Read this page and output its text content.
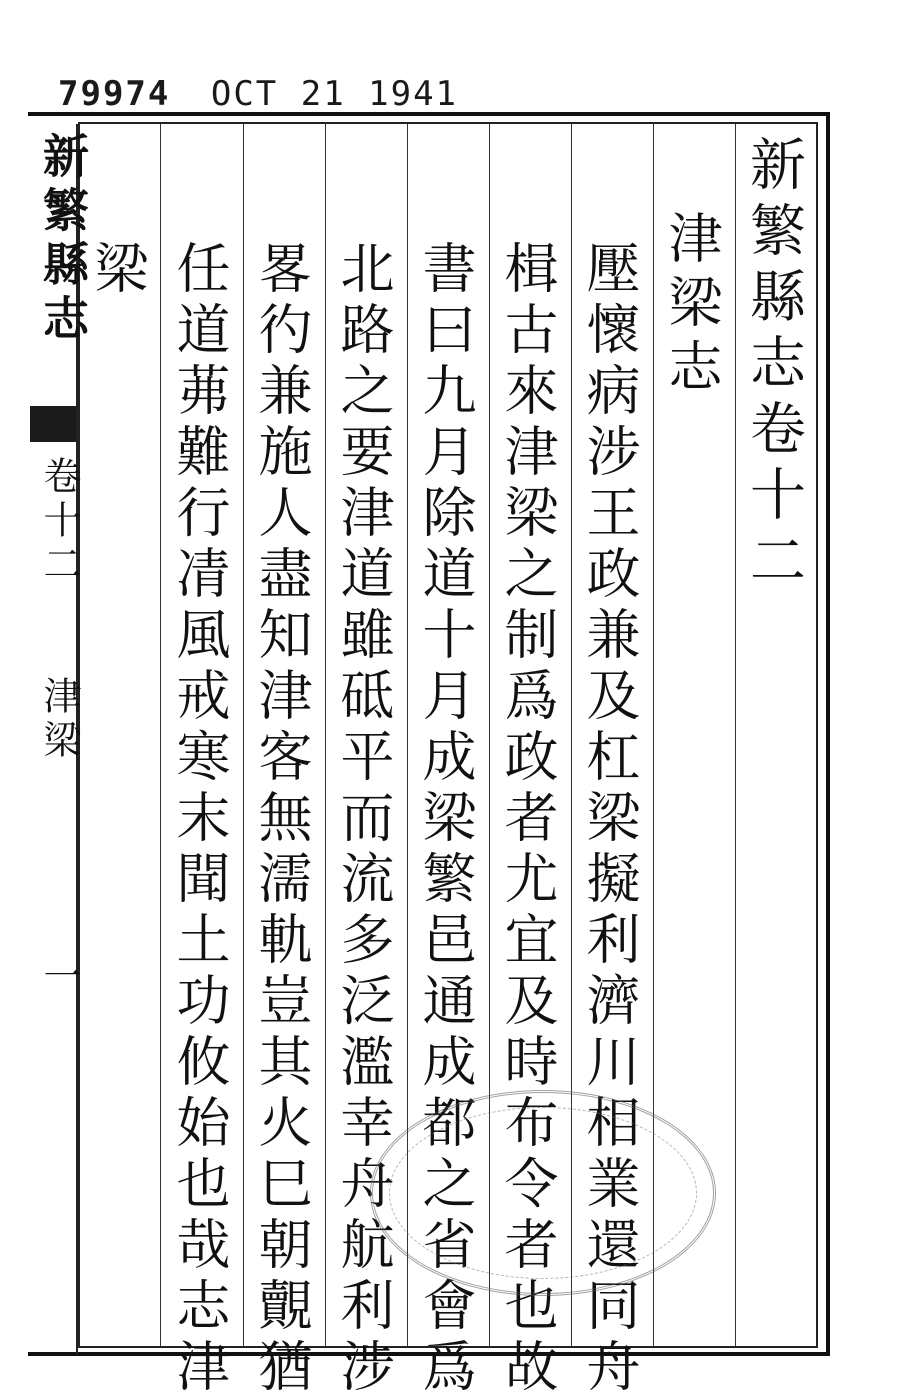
79974 OCT 21 1941
新繁縣志
卷十二
津梁
一
新繁縣志卷十二
津梁志
壓懷病涉王政兼及杠梁擬利濟川相業還同舟
楫古來津梁之制爲政者尤宜及時布令者也故
書曰九月除道十月成梁繁邑通成都之省會爲
北路之要津道雖砥平而流多泛濫幸舟航利涉
畧彴兼施人盡知津客無濡軌豈其火巳朝覿猶
任道茀難行凊風戒寒末聞土功攸始也哉志津
梁
